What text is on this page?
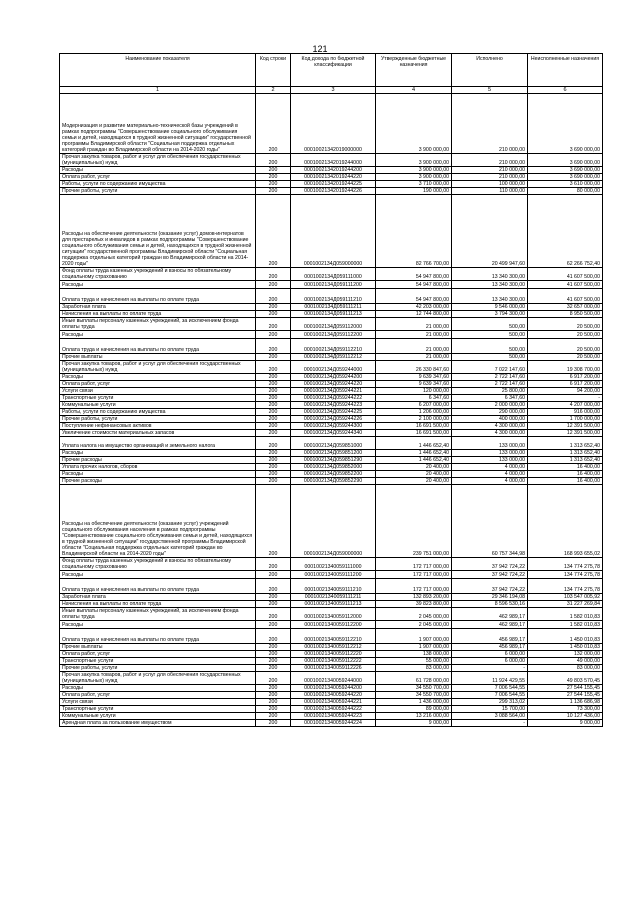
121
Наименование показателя	Код строки	Код дохода по бюджетной классификации	Утвержденные бюджетные назначения	Исполнено	Неисполненные назначения
1	2	3	4	5	6
Модернизация и развитие материально-технической базы учреждений в рамках подпрограммы "Совершенствование социального обслуживания семьи и детей, находящихся в трудной жизненной ситуации" государственной программы Владимирской области "Социальная поддержка отдельных категорий граждан во Владимирской области на 2014-2020 годы"	200	00010021342019000000	3 900 000,00	210 000,00	3 690 000,00
Прочая закупка товаров, работ и услуг для обеспечения государственных (муниципальных) нужд	200	00010021342019244000	3 900 000,00	210 000,00	3 690 000,00
Расходы	200	00010021342019244200	3 900 000,00	210 000,00	3 690 000,00
Оплата работ, услуг	200	00010021342019244220	3 900 000,00	210 000,00	3 690 000,00
Работы, услуги по содержанию имущества	200	00010021342019244225	3 710 000,00	100 000,00	3 610 000,00
Прочие работы, услуги	200	00010021342019244226	190 000,00	110 000,00	80 000,00
Расходы на обеспечение деятельности (оказание услуг) домов-интернатов для престарелых и инвалидов в рамках подпрограммы "Совершенствование социального обслуживания семьи и детей, находящихся в трудной жизненной ситуации" государственной программы Владимирской области "Социальная поддержка отдельных категорий граждан во Владимирской области на 2014-2020 годы"	200	0001002134Д059000000	82 766 700,00	20 499 947,60	62 266 752,40
Фонд оплаты труда казенных учреждений и взносы по обязательному социальному страхованию	200	0001002134Д059111000	54 947 800,00	13 340 300,00	41 607 500,00
Расходы	200	0001002134Д059111200	54 947 800,00	13 340 300,00	41 607 500,00
Оплата труда и начисления на выплаты по оплате труда	200	0001002134Д059111210	54 947 800,00	13 340 300,00	41 607 500,00
Заработная плата	200	0001002134Д059111211	42 203 000,00	9 546 000,00	32 657 000,00
Начисления на выплаты по оплате труда	200	0001002134Д059111213	12 744 800,00	3 794 300,00	8 950 500,00
Иные выплаты персоналу казенных учреждений, за исключением фонда оплаты труда	200	0001002134Д059112000	21 000,00	500,00	20 500,00
Расходы	200	0001002134Д059112200	21 000,00	500,00	20 500,00
Оплата труда и начисления на выплаты по оплате труда	200	0001002134Д059112210	21 000,00	500,00	20 500,00
Прочие выплаты	200	0001002134Д059112212	21 000,00	500,00	20 500,00
Прочая закупка товаров, работ и услуг для обеспечения государственных (муниципальных) нужд	200	0001002134Д059244000	26 330 847,60	7 022 147,60	19 308 700,00
Расходы	200	0001002134Д059244200	9 639 347,60	2 722 147,60	6 917 200,00
Оплата работ, услуг	200	0001002134Д059244220	9 639 347,60	2 722 147,60	6 917 200,00
Услуги связи	200	0001002134Д059244221	120 000,00	25 800,00	94 200,00
Транспортные услуги	200	0001002134Д059244222	6 347,60	6 347,60	-
Коммунальные услуги	200	0001002134Д059244223	6 207 000,00	2 000 000,00	4 207 000,00
Работы, услуги по содержанию имущества	200	0001002134Д059244225	1 206 000,00	290 000,00	916 000,00
Прочие работы, услуги	200	0001002134Д059244226	2 100 000,00	400 000,00	1 700 000,00
Поступление нефинансовых активов	200	0001002134Д059244300	16 691 500,00	4 300 000,00	12 391 500,00
Увеличение стоимости материальных запасов	200	0001002134Д059244340	16 691 500,00	4 300 000,00	12 391 500,00
Уплата налога на имущество организаций и земельного налога	200	0001002134Д059851000	1 446 652,40	133 000,00	1 313 652,40
Расходы	200	0001002134Д059851200	1 446 652,40	133 000,00	1 313 652,40
Прочие расходы	200	0001002134Д059851290	1 446 652,40	133 000,00	1 313 652,40
Уплата прочих налогов, сборов	200	0001002134Д059852000	20 400,00	4 000,00	16 400,00
Расходы	200	0001002134Д059852200	20 400,00	4 000,00	16 400,00
Прочие расходы	200	0001002134Д059852290	20 400,00	4 000,00	16 400,00
Расходы на обеспечение деятельности (оказание услуг) учреждений социального обслуживания населения в рамках подпрограммы "Совершенствование социального обслуживания семьи и детей, находящихся в трудной жизненной ситуации" государственной программы Владимирской области "Социальная поддержка отдельных категорий граждан во Владимирской области на 2014-2020 годы"	200	0001002134Д059000000	239 751 000,00	60 757 344,98	168 993 655,02
Фонд оплаты труда казенных учреждений и взносы по обязательному социальному страхованию	200	00010021340059111000	172 717 000,00	37 942 724,22	134 774 275,78
Расходы	200	00010021340059111200	172 717 000,00	37 942 724,22	134 774 275,78
Оплата труда и начисления на выплаты по оплате труда	200	00010021340059111210	172 717 000,00	37 942 724,22	134 774 275,78
Заработная плата	200	00010021340059111211	132 893 200,00	29 346 194,08	103 547 005,92
Начисления на выплаты по оплате труда	200	00010021340059111213	39 823 800,00	8 596 530,16	31 227 269,84
Иные выплаты персоналу казенных учреждений, за исключением фонда оплаты труда	200	00010021340059112000	2 045 000,00	462 989,17	1 582 010,83
Расходы	200	00010021340059112200	2 045 000,00	462 989,17	1 582 010,83
Оплата труда и начисления на выплаты по оплате труда	200	00010021340059112210	1 907 000,00	456 989,17	1 450 010,83
Прочие выплаты	200	00010021340059112212	1 907 000,00	456 989,17	1 450 010,83
Оплата работ, услуг	200	00010021340059112220	138 000,00	6 000,00	132 000,00
Транспортные услуги	200	00010021340059112222	55 000,00	6 000,00	49 000,00
Прочие работы, услуги	200	00010021340059112226	83 000,00	-	83 000,00
Прочая закупка товаров, работ и услуг для обеспечения государственных (муниципальных) нужд	200	00010021340059244000	61 728 000,00	11 924 429,55	49 803 570,45
Расходы	200	00010021340059244200	34 550 700,00	7 006 544,55	27 544 155,45
Оплата работ, услуг	200	00010021340059244220	34 550 700,00	7 006 544,55	27 544 155,45
Услуги связи	200	00010021340059244221	1 436 000,00	299 313,02	1 136 686,98
Транспортные услуги	200	00010021340059244222	89 000,00	15 700,00	73 300,00
Коммунальные услуги	200	00010021340059244223	13 216 000,00	3 088 564,00	10 127 436,00
Арендная плата за пользование имуществом	200	00010021340059244224	9 000,00	-	9 000,00
